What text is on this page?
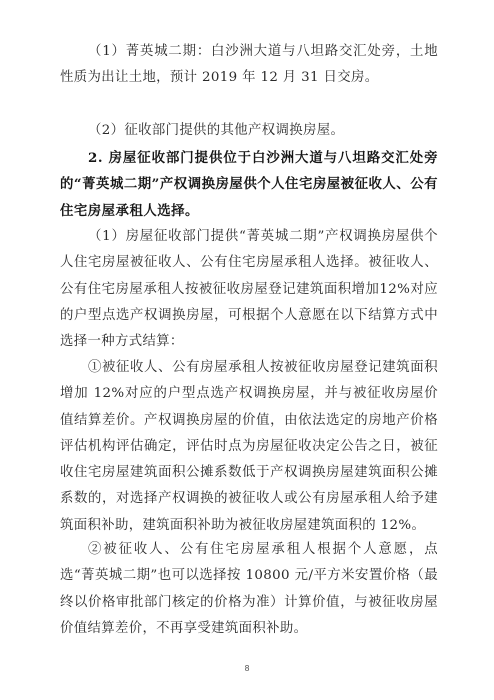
（1）菁英城二期：白沙洲大道与八坦路交汇处旁，土地性质为出让土地，预计 2019 年 12 月 31 日交房。

（2）征收部门提供的其他产权调换房屋。

2. 房屋征收部门提供位于白沙洲大道与八坦路交汇处旁的“菁英城二期”产权调换房屋供个人住宅房屋被征收人、公有住宅房屋承租人选择。

（1）房屋征收部门提供“菁英城二期”产权调换房屋供个人住宅房屋被征收人、公有住宅房屋承租人选择。被征收人、公有住宅房屋承租人按被征收房屋登记建筑面积增加12%对应的户型点选产权调换房屋，可根据个人意愿在以下结算方式中选择一种方式结算：

①被征收人、公有房屋承租人按被征收房屋登记建筑面积增加 12%对应的户型点选产权调换房屋，并与被征收房屋价值结算差价。产权调换房屋的价值，由依法选定的房地产价格评估机构评估确定，评估时点为房屋征收决定公告之日，被征收住宅房屋建筑面积公摊系数低于产权调换房屋建筑面积公摊系数的，对选择产权调换的被征收人或公有房屋承租人给予建筑面积补助，建筑面积补助为被征收房屋建筑面积的 12%。

②被征收人、公有住宅房屋承租人根据个人意愿，点选“菁英城二期”也可以选择按 10800 元/平方米安置价格（最终以价格审批部门核定的价格为准）计算价值，与被征收房屋价值结算差价，不再享受建筑面积补助。

8
